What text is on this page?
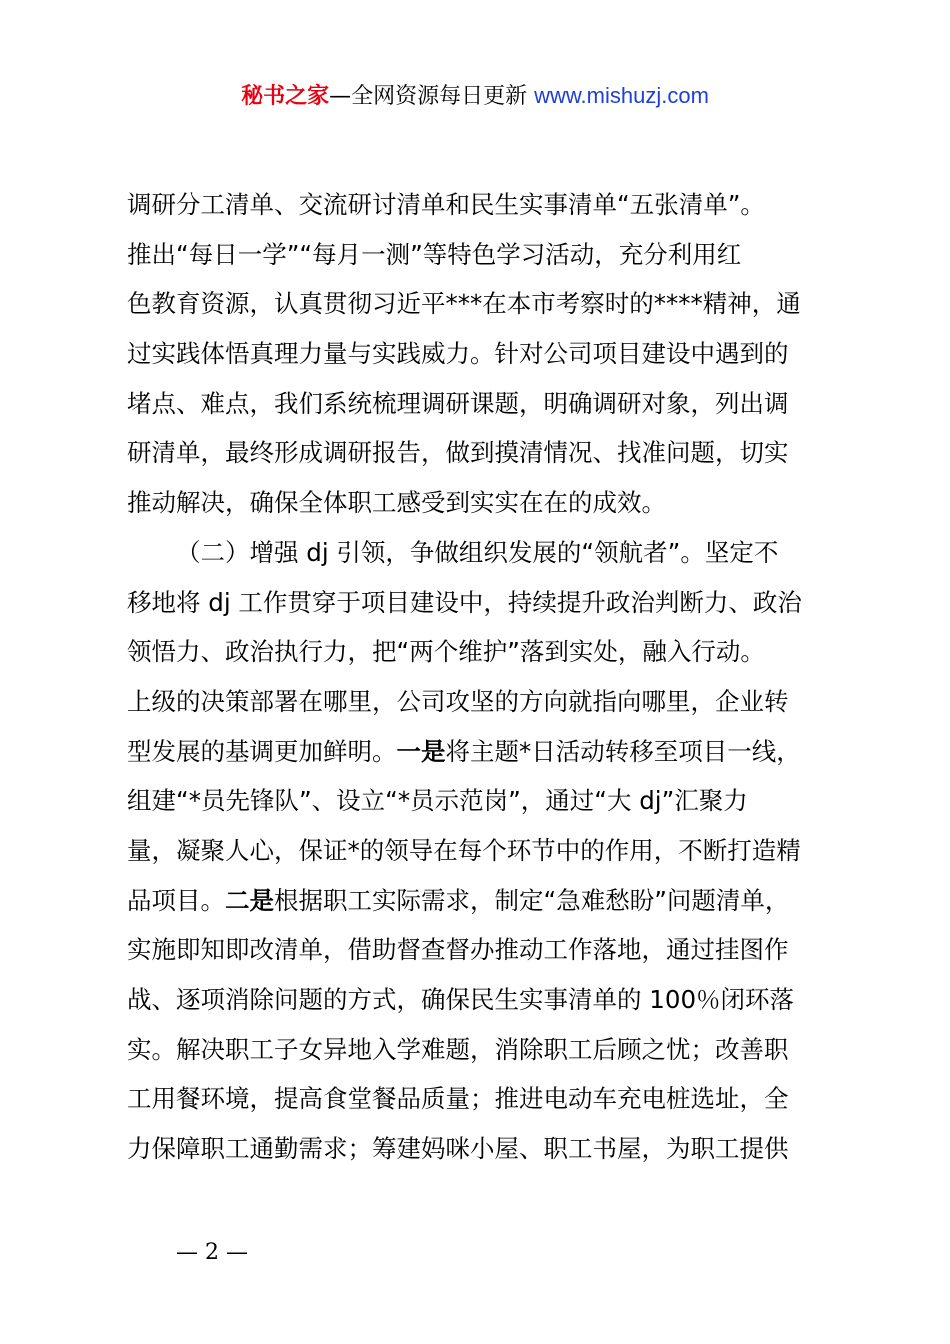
秘书之家—全网资源每日更新 www.mishuzj.com
调研分工清单、交流研讨清单和民生实事清单“五张清单”。
推出“每日一学”“每月一测”等特色学习活动，充分利用红
色教育资源，认真贯彻习近平***在本市考察时的****精神，通
过实践体悟真理力量与实践威力。针对公司项目建设中遇到的
堵点、难点，我们系统梳理调研课题，明确调研对象，列出调
研清单，最终形成调研报告，做到摸清情况、找准问题，切实
推动解决，确保全体职工感受到实实在在的成效。
（二）增强 dj 引领，争做组织发展的“领航者”。坚定不
移地将 dj 工作贯穿于项目建设中，持续提升政治判断力、政治
领悟力、政治执行力，把“两个维护”落到实处，融入行动。
上级的决策部署在哪里，公司攻坚的方向就指向哪里，企业转
型发展的基调更加鲜明。一是将主题*日活动转移至项目一线，
组建“*员先锋队”、设立“*员示范岗”，通过“大 dj”汇聚力
量，凝聚人心，保证*的领导在每个环节中的作用，不断打造精
品项目。二是根据职工实际需求，制定“急难愁盼”问题清单，
实施即知即改清单，借助督查督办推动工作落地，通过挂图作
战、逐项消除问题的方式，确保民生实事清单的 100％闭环落
实。解决职工子女异地入学难题，消除职工后顾之忧；改善职
工用餐环境，提高食堂餐品质量；推进电动车充电桩选址，全
力保障职工通勤需求；筹建妈咪小屋、职工书屋，为职工提供
— 2 —
